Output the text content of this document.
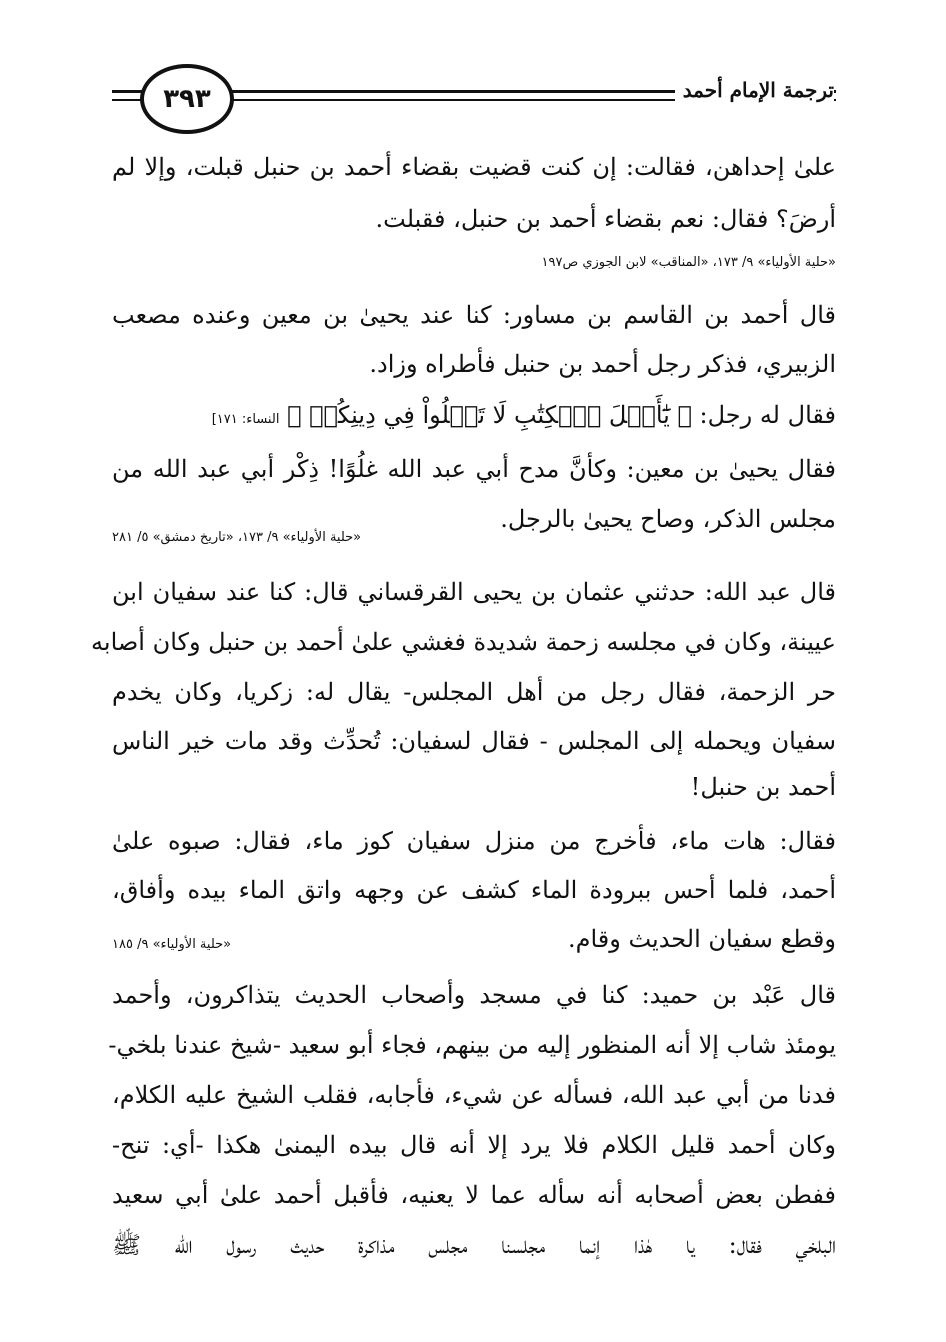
ترجمة الإمام أحمد
٣٩٣
علىٰ إحداهن، فقالت: إن كنت قضيت بقضاء أحمد بن حنبل قبلت، وإلا لم
أرضَ؟ فقال: نعم بقضاء أحمد بن حنبل، فقبلت.
«حلية الأولياء» ٩/ ١٧٣، «المناقب» لابن الجوزي ص١٩٧
قال أحمد بن القاسم بن مساور: كنا عند يحيىٰ بن معين وعنده مصعب
الزبيري، فذكر رجل أحمد بن حنبل فأطراه وزاد.
فقال له رجل: ﴿ يَٰٓأَهۡلَ ٱلۡكِتَٰبِ لَا تَغۡلُواْ فِي دِينِكُمۡ ﴾ النساء: ١٧١]
فقال يحيىٰ بن معين: وكأنَّ مدح أبي عبد الله غلُوًا! ذِكْر أبي عبد الله من
مجلس الذكر، وصاح يحيىٰ بالرجل.
«حلية الأولياء» ٩/ ١٧٣، «تاريخ دمشق» ٥/ ٢٨١
قال عبد الله: حدثني عثمان بن يحيى القرقساني قال: كنا عند سفيان ابن
عيينة، وكان في مجلسه زحمة شديدة فغشي علىٰ أحمد بن حنبل وكان أصابه
حر الزحمة، فقال رجل من أهل المجلس- يقال له: زكريا، وكان يخدم
سفيان ويحمله إلى المجلس - فقال لسفيان: تُحدِّث وقد مات خير الناس
أحمد بن حنبل!
فقال: هات ماء، فأخرج من منزل سفيان كوز ماء، فقال: صبوه علىٰ
أحمد، فلما أحس ببرودة الماء كشف عن وجهه واتق الماء بيده وأفاق،
وقطع سفيان الحديث وقام.
«حلية الأولياء» ٩/ ١٨٥
قال عَبْد بن حميد: كنا في مسجد وأصحاب الحديث يتذاكرون، وأحمد
يومئذ شاب إلا أنه المنظور إليه من بينهم، فجاء أبو سعيد -شيخ عندنا بلخي-
فدنا من أبي عبد الله، فسأله عن شيء، فأجابه، فقلب الشيخ عليه الكلام،
وكان أحمد قليل الكلام فلا يرد إلا أنه قال بيده اليمنىٰ هكذا -أي: تنح-
ففطن بعض أصحابه أنه سأله عما لا يعنيه، فأقبل أحمد علىٰ أبي سعيد
البلخي فقال: يا هٰذا إنما مجلسنا مجلس مذاكرة حديث رسول الله ﷺ
